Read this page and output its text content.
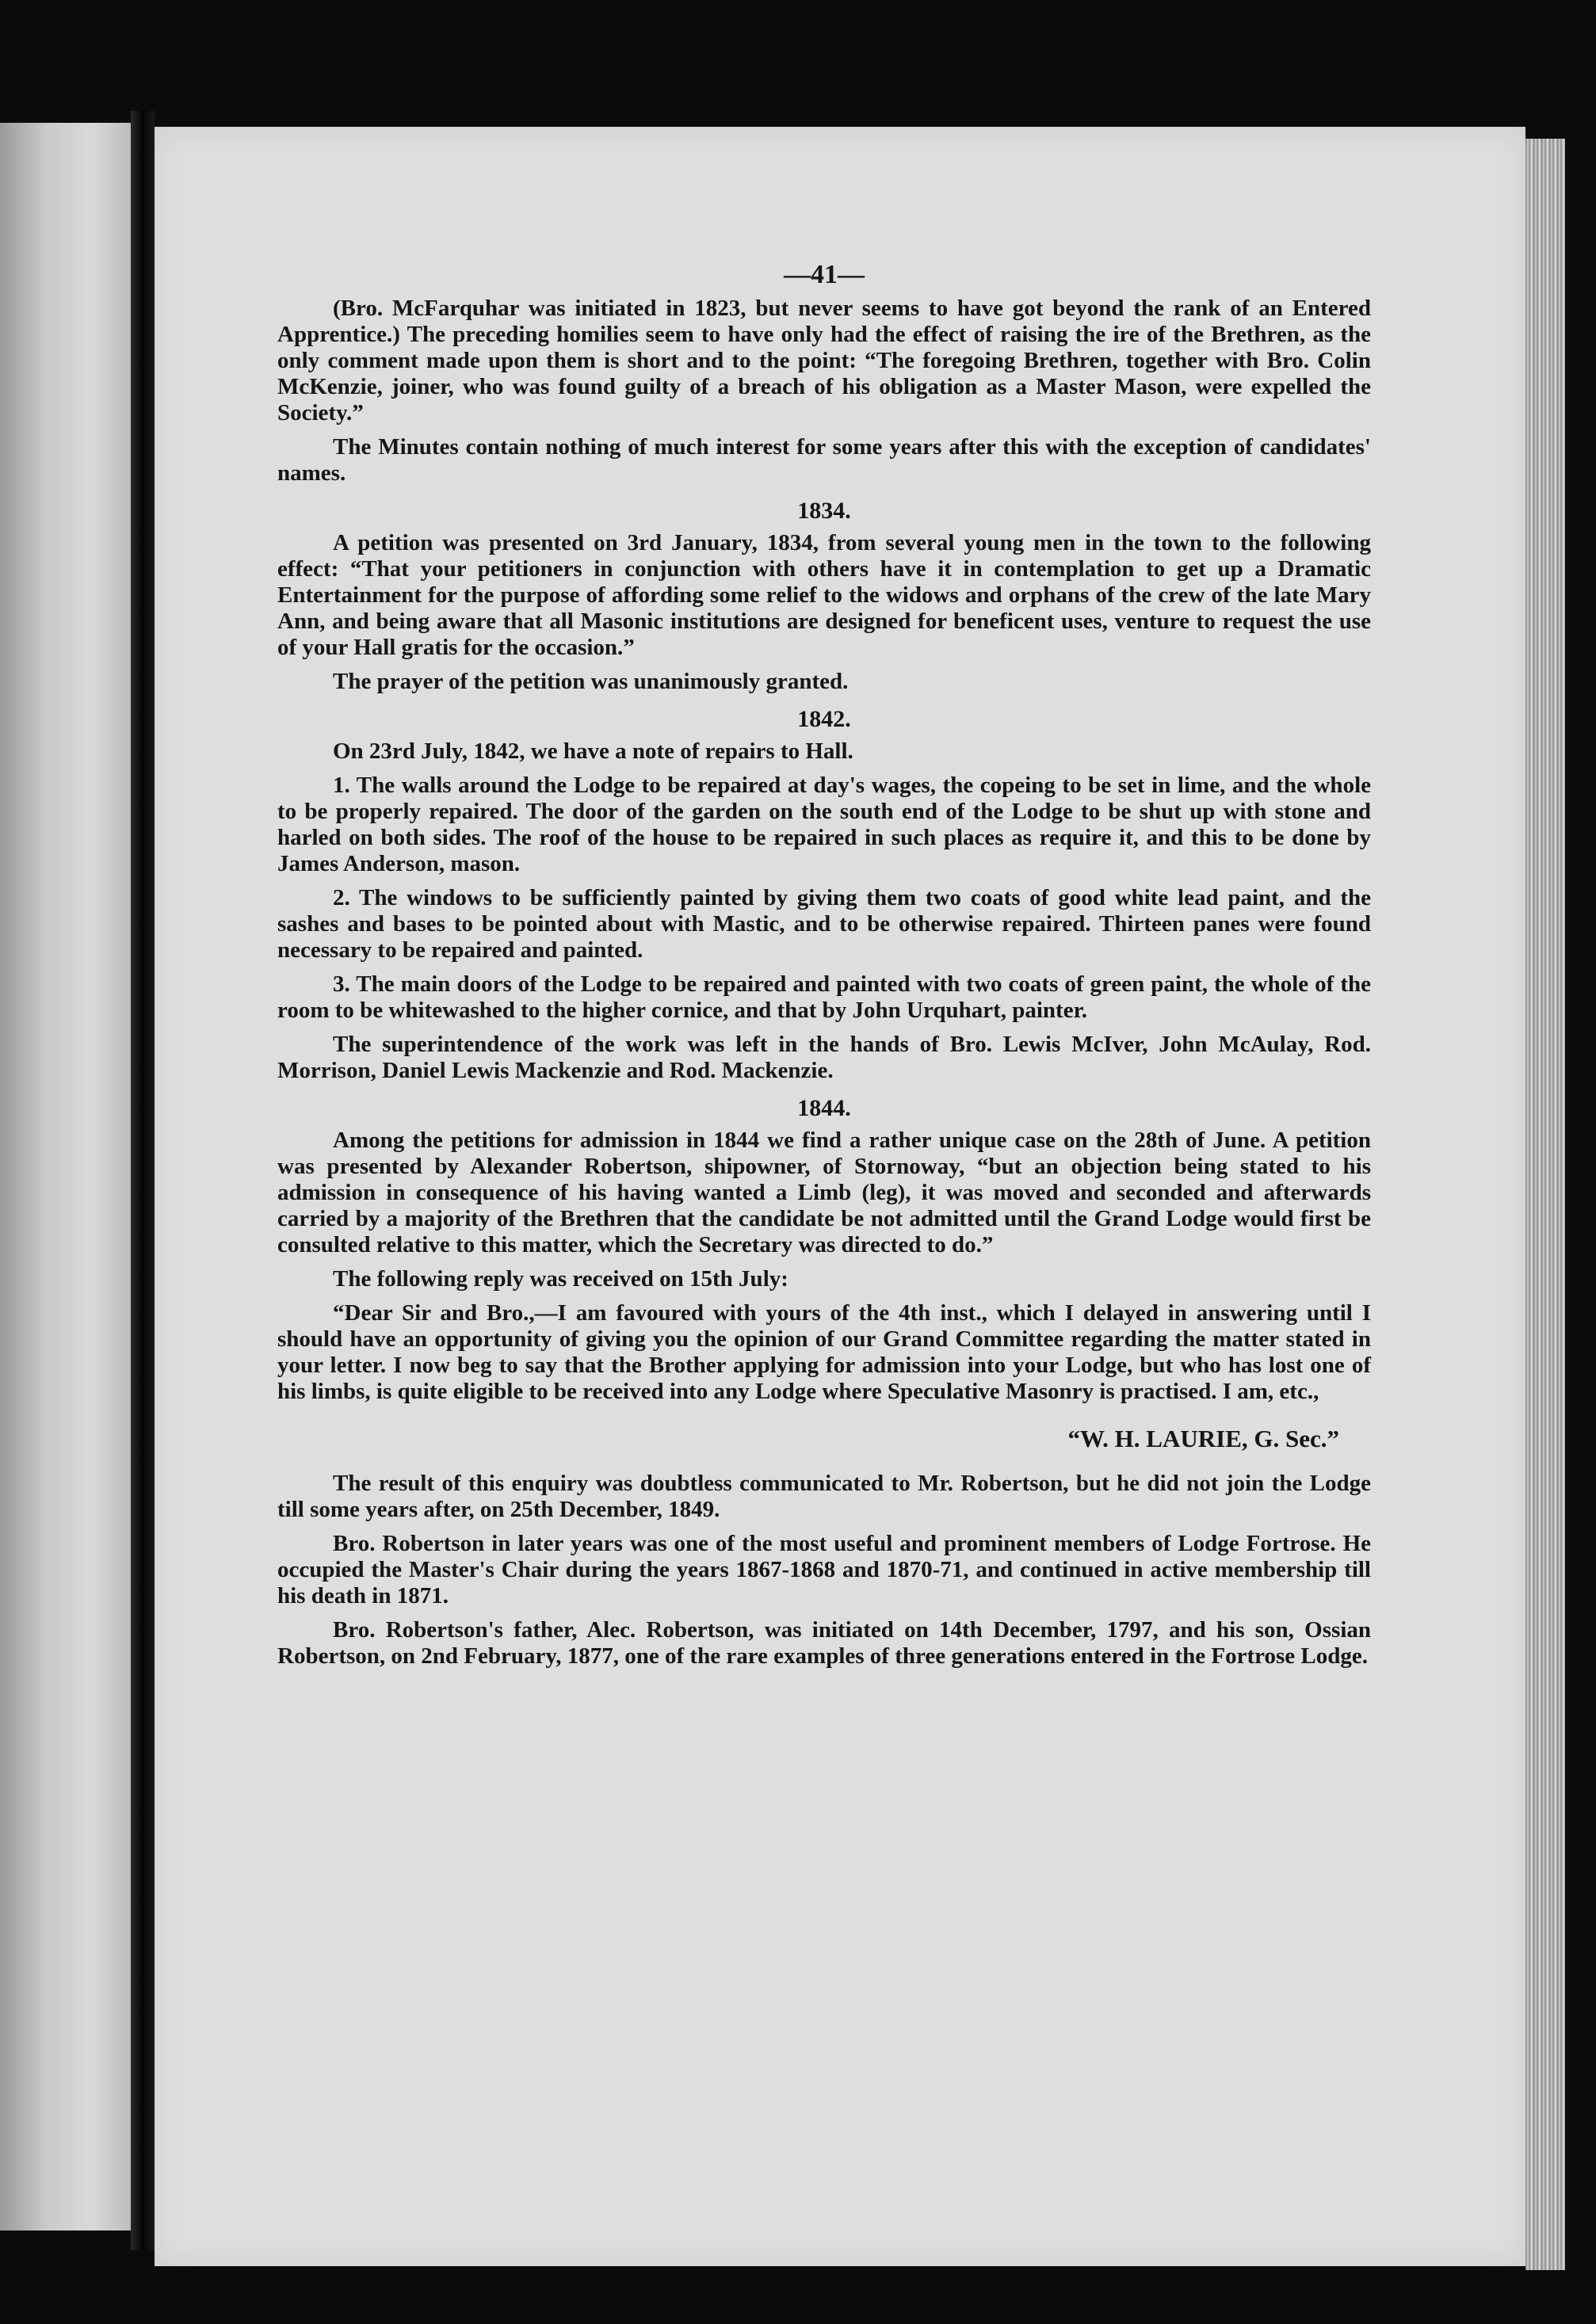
—41—

(Bro. McFarquhar was initiated in 1823, but never seems to have got beyond the rank of an Entered Apprentice.) The preceding homilies seem to have only had the effect of raising the ire of the Brethren, as the only comment made upon them is short and to the point: “The foregoing Brethren, together with Bro. Colin McKenzie, joiner, who was found guilty of a breach of his obligation as a Master Mason, were expelled the Society.”

The Minutes contain nothing of much interest for some years after this with the exception of candidates' names.

1834.

A petition was presented on 3rd January, 1834, from several young men in the town to the following effect: “That your petitioners in conjunction with others have it in contemplation to get up a Dramatic Entertainment for the purpose of affording some relief to the widows and orphans of the crew of the late Mary Ann, and being aware that all Masonic institutions are designed for beneficent uses, venture to request the use of your Hall gratis for the occasion.”

The prayer of the petition was unanimously granted.

1842.

On 23rd July, 1842, we have a note of repairs to Hall.

1. The walls around the Lodge to be repaired at day's wages, the copeing to be set in lime, and the whole to be properly repaired. The door of the garden on the south end of the Lodge to be shut up with stone and harled on both sides. The roof of the house to be repaired in such places as require it, and this to be done by James Anderson, mason.

2. The windows to be sufficiently painted by giving them two coats of good white lead paint, and the sashes and bases to be pointed about with Mastic, and to be otherwise repaired. Thirteen panes were found necessary to be repaired and painted.

3. The main doors of the Lodge to be repaired and painted with two coats of green paint, the whole of the room to be whitewashed to the higher cornice, and that by John Urquhart, painter.

The superintendence of the work was left in the hands of Bro. Lewis McIver, John McAulay, Rod. Morrison, Daniel Lewis Mackenzie and Rod. Mackenzie.

1844.

Among the petitions for admission in 1844 we find a rather unique case on the 28th of June. A petition was presented by Alexander Robertson, shipowner, of Stornoway, “but an objection being stated to his admission in consequence of his having wanted a Limb (leg), it was moved and seconded and afterwards carried by a majority of the Brethren that the candidate be not admitted until the Grand Lodge would first be consulted relative to this matter, which the Secretary was directed to do.”

The following reply was received on 15th July:

“Dear Sir and Bro.,—I am favoured with yours of the 4th inst., which I delayed in answering until I should have an opportunity of giving you the opinion of our Grand Committee regarding the matter stated in your letter. I now beg to say that the Brother applying for admission into your Lodge, but who has lost one of his limbs, is quite eligible to be received into any Lodge where Speculative Masonry is practised. I am, etc.,

“W. H. LAURIE, G. Sec.”

The result of this enquiry was doubtless communicated to Mr. Robertson, but he did not join the Lodge till some years after, on 25th December, 1849.

Bro. Robertson in later years was one of the most useful and prominent members of Lodge Fortrose. He occupied the Master's Chair during the years 1867-1868 and 1870-71, and continued in active membership till his death in 1871.

Bro. Robertson's father, Alec. Robertson, was initiated on 14th December, 1797, and his son, Ossian Robertson, on 2nd February, 1877, one of the rare examples of three generations entered in the Fortrose Lodge.
